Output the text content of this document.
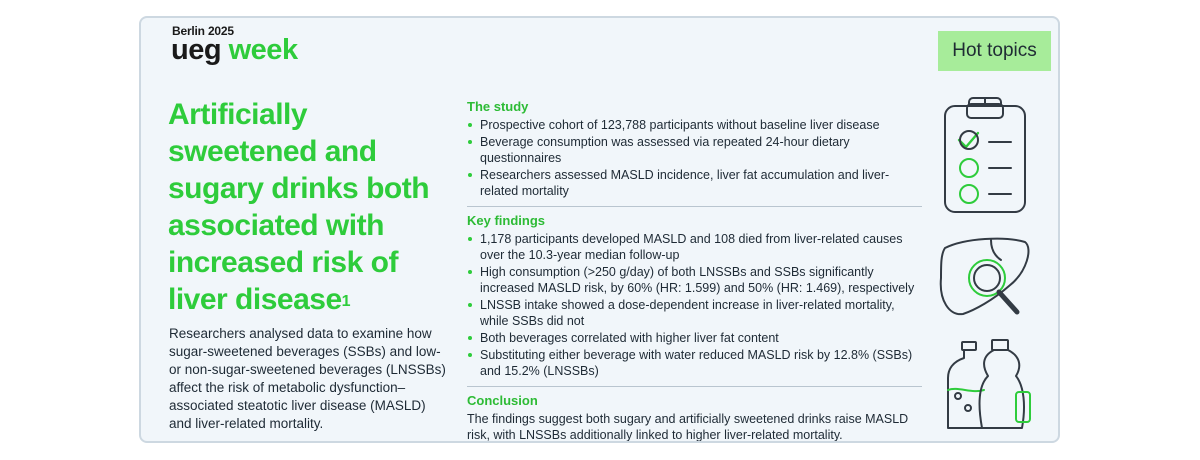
Berlin 2025
ueg week	Hot topics
Artificially sweetened and sugary drinks both associated with increased risk of liver disease$^1$

Researchers analysed data to examine how sugar-sweetened beverages (SSBs) and low- or non-sugar-sweetened beverages (LNSSBs) affect the risk of metabolic dysfunction–associated steatotic liver disease (MASLD) and liver-related mortality.

The study
Prospective cohort of 123,788 participants without baseline liver disease
Beverage consumption was assessed via repeated 24-hour dietary questionnaires
Researchers assessed MASLD incidence, liver fat accumulation and liver-related mortality
Key findings
1,178 participants developed MASLD and 108 died from liver-related causes over the 10.3-year median follow-up
High consumption (>250 g/day) of both LNSSBs and SSBs significantly increased MASLD risk, by 60% (HR: 1.599) and 50% (HR: 1.469), respectively
LNSSB intake showed a dose-dependent increase in liver-related mortality, while SSBs did not
Both beverages correlated with higher liver fat content
Substituting either beverage with water reduced MASLD risk by 12.8% (SSBs) and 15.2% (LNSSBs)
Conclusion

The findings suggest both sugary and artificially sweetened drinks raise MASLD risk, with LNSSBs additionally linked to higher liver-related mortality.
